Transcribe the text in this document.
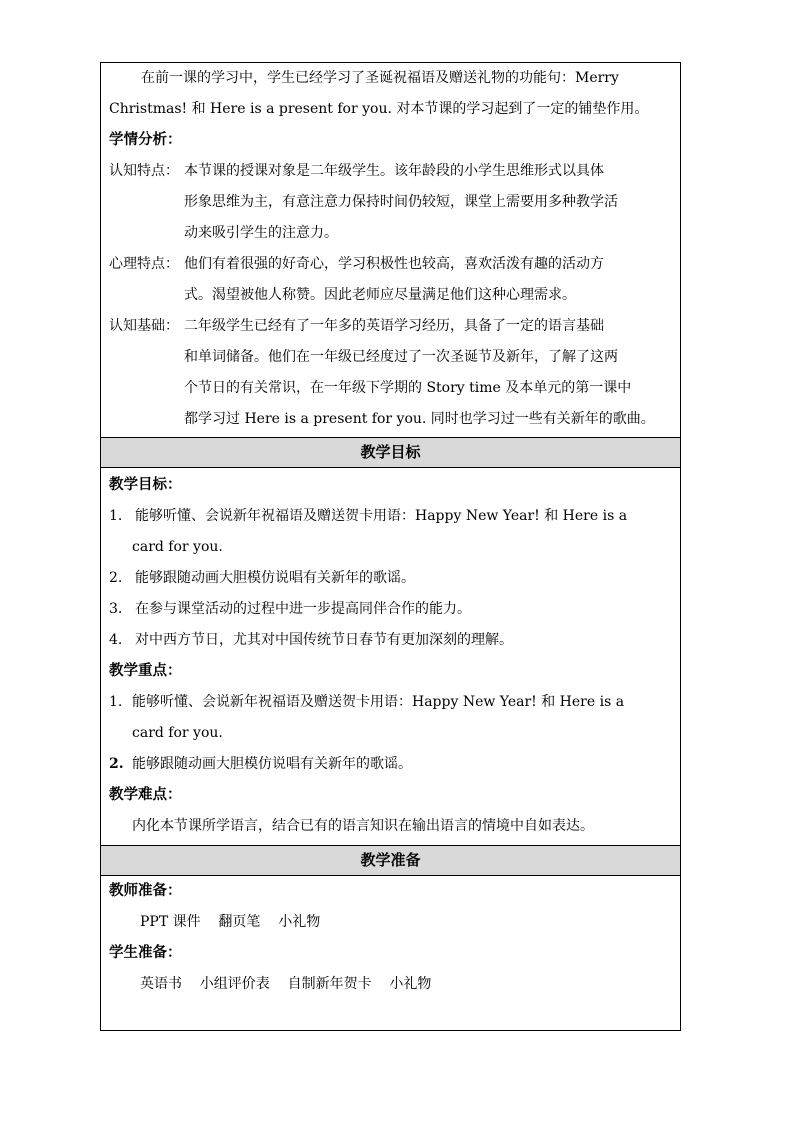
在前一课的学习中，学生已经学习了圣诞祝福语及赠送礼物的功能句：Merry
Christmas! 和 Here is a present for you. 对本节课的学习起到了一定的铺垫作用。
学情分析：
认知特点： 本节课的授课对象是二年级学生。该年龄段的小学生思维形式以具体
形象思维为主，有意注意力保持时间仍较短，课堂上需要用多种教学活
动来吸引学生的注意力。
心理特点： 他们有着很强的好奇心，学习积极性也较高，喜欢活泼有趣的活动方
式。渴望被他人称赞。因此老师应尽量满足他们这种心理需求。
认知基础： 二年级学生已经有了一年多的英语学习经历，具备了一定的语言基础
和单词储备。他们在一年级已经度过了一次圣诞节及新年，了解了这两
个节日的有关常识，在一年级下学期的 Story time 及本单元的第一课中
都学习过 Here is a present for you. 同时也学习过一些有关新年的歌曲。
教学目标
教学目标：
1. 能够听懂、会说新年祝福语及赠送贺卡用语：Happy New Year! 和 Here is a
card for you.
2. 能够跟随动画大胆模仿说唱有关新年的歌谣。
3. 在参与课堂活动的过程中进一步提高同伴合作的能力。
4. 对中西方节日，尤其对中国传统节日春节有更加深刻的理解。
教学重点：
1. 能够听懂、会说新年祝福语及赠送贺卡用语：Happy New Year! 和 Here is a
card for you.
2. 能够跟随动画大胆模仿说唱有关新年的歌谣。
教学难点：
内化本节课所学语言，结合已有的语言知识在输出语言的情境中自如表达。
教学准备
教师准备：
PPT 课件    翻页笔    小礼物
学生准备：
英语书    小组评价表    自制新年贺卡    小礼物
